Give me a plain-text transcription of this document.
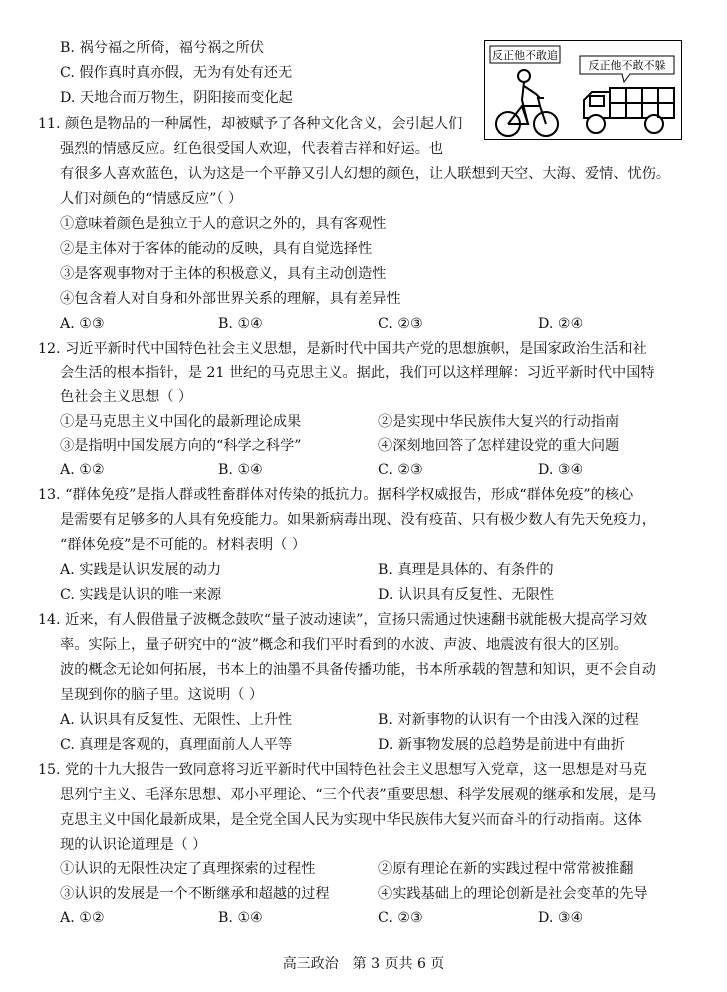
B. 祸兮福之所倚，福兮祸之所伏
C. 假作真时真亦假，无为有处有还无
D. 天地合而万物生，阴阳接而变化起
反正他不敢追
反正他不敢不躲
11. 颜色是物品的一种属性，却被赋予了各种文化含义，会引起人们
强烈的情感反应。红色很受国人欢迎，代表着吉祥和好运。也
有很多人喜欢蓝色，认为这是一个平静又引人幻想的颜色，让人联想到天空、大海、爱情、忧伤。
人们对颜色的“情感反应”（ ）
①意味着颜色是独立于人的意识之外的，具有客观性
②是主体对于客体的能动的反映，具有自觉选择性
③是客观事物对于主体的积极意义，具有主动创造性
④包含着人对自身和外部世界关系的理解，具有差异性
A. ①③	B. ①④	C. ②③	D. ②④
12. 习近平新时代中国特色社会主义思想，是新时代中国共产党的思想旗帜，是国家政治生活和社
会生活的根本指针，是 21 世纪的马克思主义。据此，我们可以这样理解：习近平新时代中国特
色社会主义思想（ ）
①是马克思主义中国化的最新理论成果	②是实现中华民族伟大复兴的行动指南
③是指明中国发展方向的“科学之科学”	④深刻地回答了怎样建设党的重大问题
A. ①②	B. ①④	C. ②③	D. ③④
13. “群体免疫”是指人群或牲畜群体对传染的抵抗力。据科学权威报告，形成“群体免疫”的核心
是需要有足够多的人具有免疫能力。如果新病毒出现、没有疫苗、只有极少数人有先天免疫力，
“群体免疫”是不可能的。材料表明（ ）
A. 实践是认识发展的动力	B. 真理是具体的、有条件的
C. 实践是认识的唯一来源	D. 认识具有反复性、无限性
14. 近来，有人假借量子波概念鼓吹“量子波动速读”，宣扬只需通过快速翻书就能极大提高学习效
率。实际上，量子研究中的“波”概念和我们平时看到的水波、声波、地震波有很大的区别。
波的概念无论如何拓展，书本上的油墨不具备传播功能，书本所承载的智慧和知识，更不会自动
呈现到你的脑子里。这说明（ ）
A. 认识具有反复性、无限性、上升性	B. 对新事物的认识有一个由浅入深的过程
C. 真理是客观的，真理面前人人平等	D. 新事物发展的总趋势是前进中有曲折
15. 党的十九大报告一致同意将习近平新时代中国特色社会主义思想写入党章，这一思想是对马克
思列宁主义、毛泽东思想、邓小平理论、“三个代表”重要思想、科学发展观的继承和发展，是马
克思主义中国化最新成果，是全党全国人民为实现中华民族伟大复兴而奋斗的行动指南。这体
现的认识论道理是（ ）
①认识的无限性决定了真理探索的过程性	②原有理论在新的实践过程中常常被推翻
③认识的发展是一个不断继承和超越的过程	④实践基础上的理论创新是社会变革的先导
A. ①②	B. ①④	C. ②③	D. ③④
高三政治　第 3 页共 6 页
